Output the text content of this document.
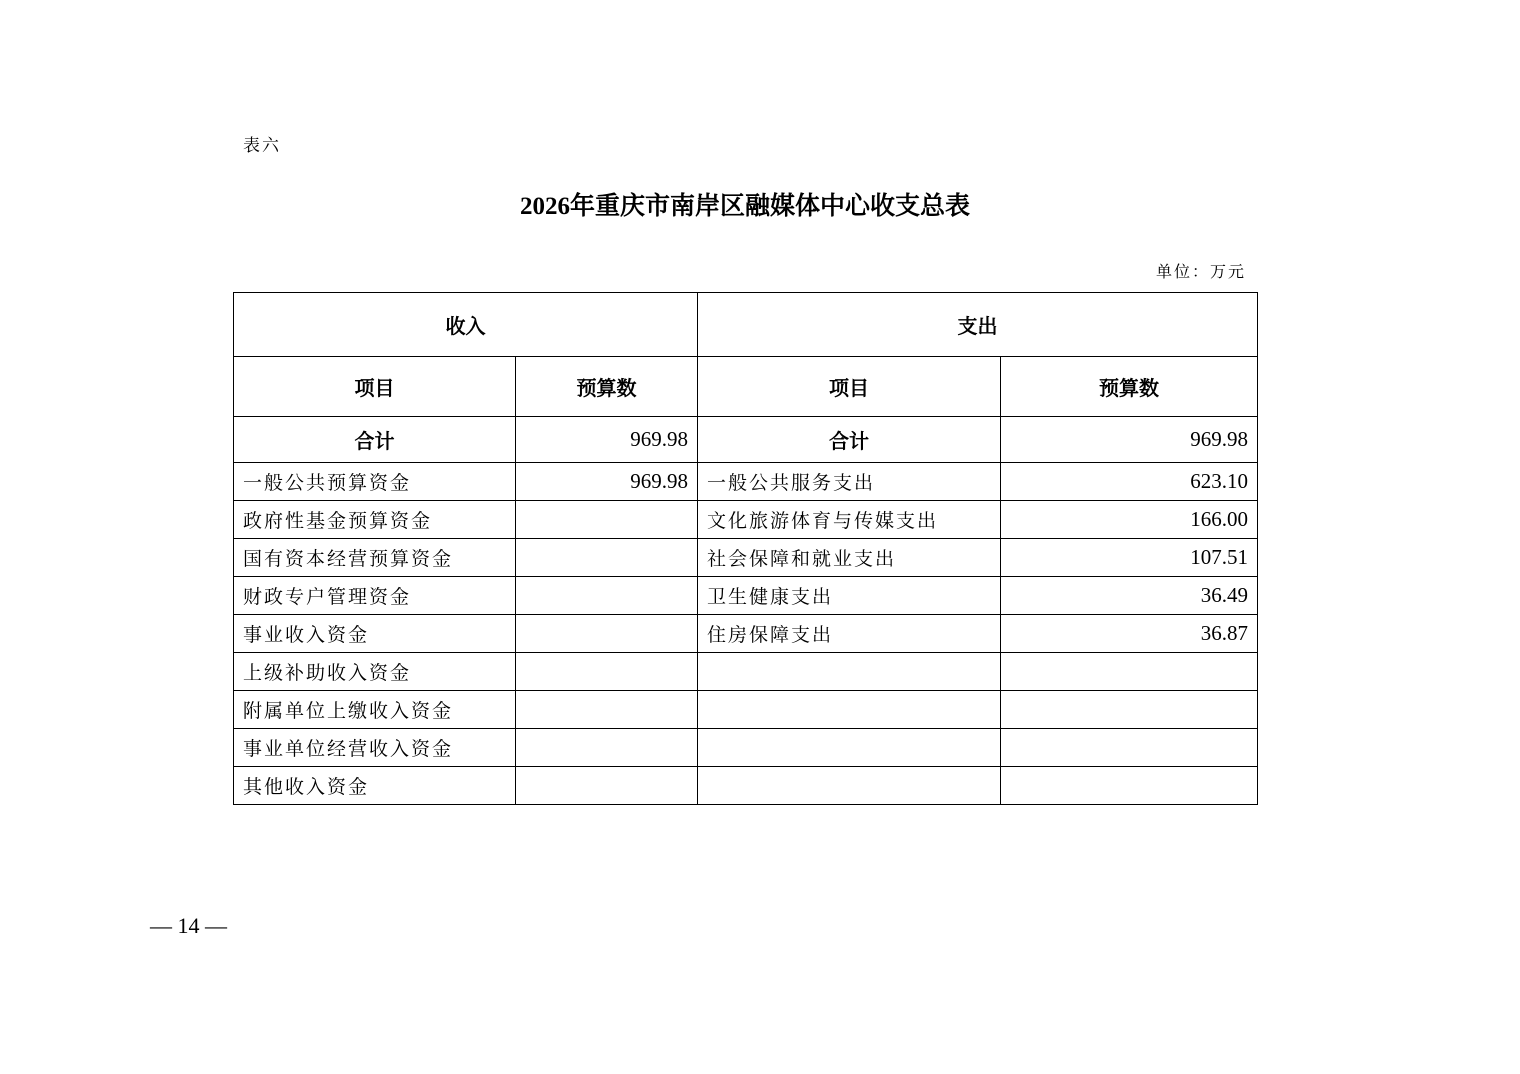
表六
2026年重庆市南岸区融媒体中心收支总表
单位：万元
收入		支出	
项目	预算数	项目	预算数
合计	969.98	合计	969.98
一般公共预算资金	969.98	一般公共服务支出	623.10
政府性基金预算资金		文化旅游体育与传媒支出	166.00
国有资本经营预算资金		社会保障和就业支出	107.51
财政专户管理资金		卫生健康支出	36.49
事业收入资金		住房保障支出	36.87
上级补助收入资金			
附属单位上缴收入资金			
事业单位经营收入资金			
其他收入资金			
— 14 —
